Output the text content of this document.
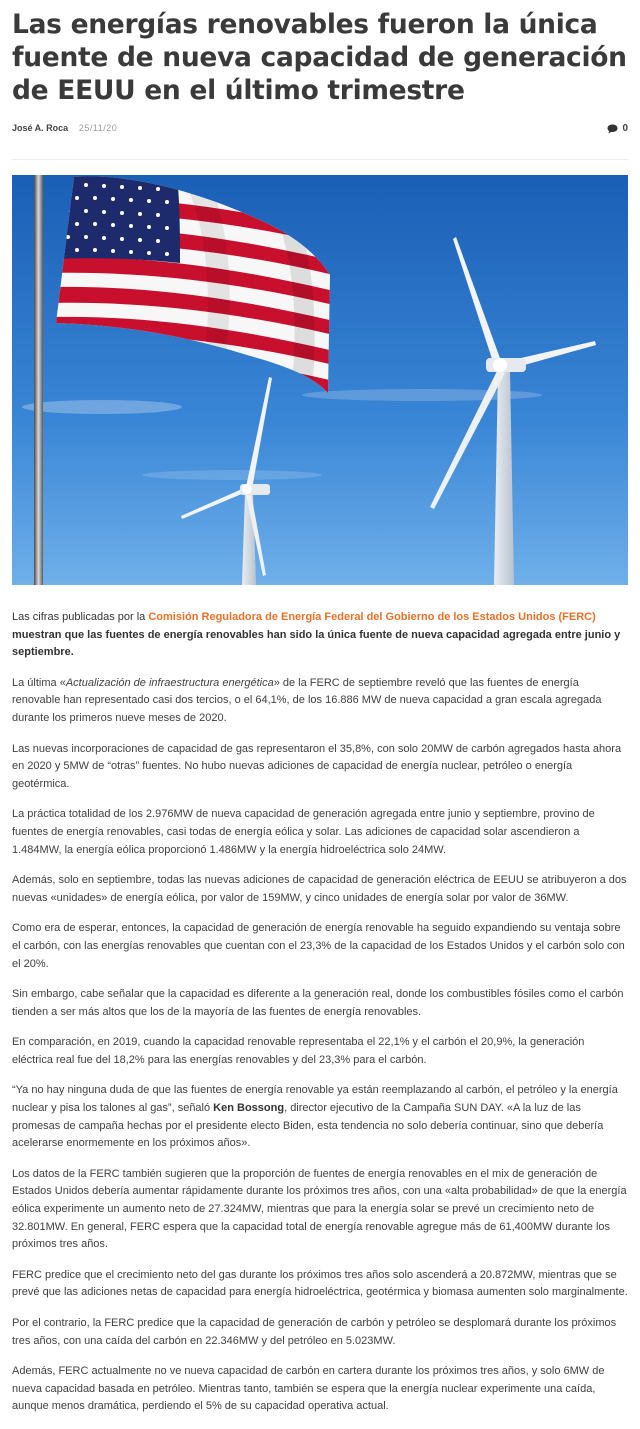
Las energías renovables fueron la única fuente de nueva capacidad de generación de EEUU en el último trimestre
José A. Roca 25/11/20	0

Las cifras publicadas por la Comisión Reguladora de Energía Federal del Gobierno de los Estados Unidos (FERC) muestran que las fuentes de energía renovables han sido la única fuente de nueva capacidad agregada entre junio y septiembre.

La última «Actualización de infraestructura energética» de la FERC de septiembre reveló que las fuentes de energía renovable han representado casi dos tercios, o el 64,1%, de los 16.886 MW de nueva capacidad a gran escala agregada durante los primeros nueve meses de 2020.

Las nuevas incorporaciones de capacidad de gas representaron el 35,8%, con solo 20MW de carbón agregados hasta ahora en 2020 y 5MW de “otras” fuentes. No hubo nuevas adiciones de capacidad de energía nuclear, petróleo o energía geotérmica.

La práctica totalidad de los 2.976MW de nueva capacidad de generación agregada entre junio y septiembre, provino de fuentes de energía renovables, casi todas de energía eólica y solar. Las adiciones de capacidad solar ascendieron a 1.484MW, la energía eólica proporcionó 1.486MW y la energía hidroeléctrica solo 24MW.

Además, solo en septiembre, todas las nuevas adiciones de capacidad de generación eléctrica de EEUU se atribuyeron a dos nuevas «unidades» de energía eólica, por valor de 159MW, y cinco unidades de energía solar por valor de 36MW.

Como era de esperar, entonces, la capacidad de generación de energía renovable ha seguido expandiendo su ventaja sobre el carbón, con las energías renovables que cuentan con el 23,3% de la capacidad de los Estados Unidos y el carbón solo con el 20%.

Sin embargo, cabe señalar que la capacidad es diferente a la generación real, donde los combustibles fósiles como el carbón tienden a ser más altos que los de la mayoría de las fuentes de energía renovables.

En comparación, en 2019, cuando la capacidad renovable representaba el 22,1% y el carbón el 20,9%, la generación eléctrica real fue del 18,2% para las energías renovables y del 23,3% para el carbón.

“Ya no hay ninguna duda de que las fuentes de energía renovable ya están reemplazando al carbón, el petróleo y la energía nuclear y pisa los talones al gas”, señaló Ken Bossong, director ejecutivo de la Campaña SUN DAY. «A la luz de las promesas de campaña hechas por el presidente electo Biden, esta tendencia no solo debería continuar, sino que debería acelerarse enormemente en los próximos años».

Los datos de la FERC también sugieren que la proporción de fuentes de energía renovables en el mix de generación de Estados Unidos debería aumentar rápidamente durante los próximos tres años, con una «alta probabilidad» de que la energía eólica experimente un aumento neto de 27.324MW, mientras que para la energía solar se prevé un crecimiento neto de 32.801MW. En general, FERC espera que la capacidad total de energía renovable agregue más de 61,400MW durante los próximos tres años.

FERC predice que el crecimiento neto del gas durante los próximos tres años solo ascenderá a 20.872MW, mientras que se prevé que las adiciones netas de capacidad para energía hidroeléctrica, geotérmica y biomasa aumenten solo marginalmente.

Por el contrario, la FERC predice que la capacidad de generación de carbón y petróleo se desplomará durante los próximos tres años, con una caída del carbón en 22.346MW y del petróleo en 5.023MW.

Además, FERC actualmente no ve nueva capacidad de carbón en cartera durante los próximos tres años, y solo 6MW de nueva capacidad basada en petróleo. Mientras tanto, también se espera que la energía nuclear experimente una caída, aunque menos dramática, perdiendo el 5% de su capacidad operativa actual.
